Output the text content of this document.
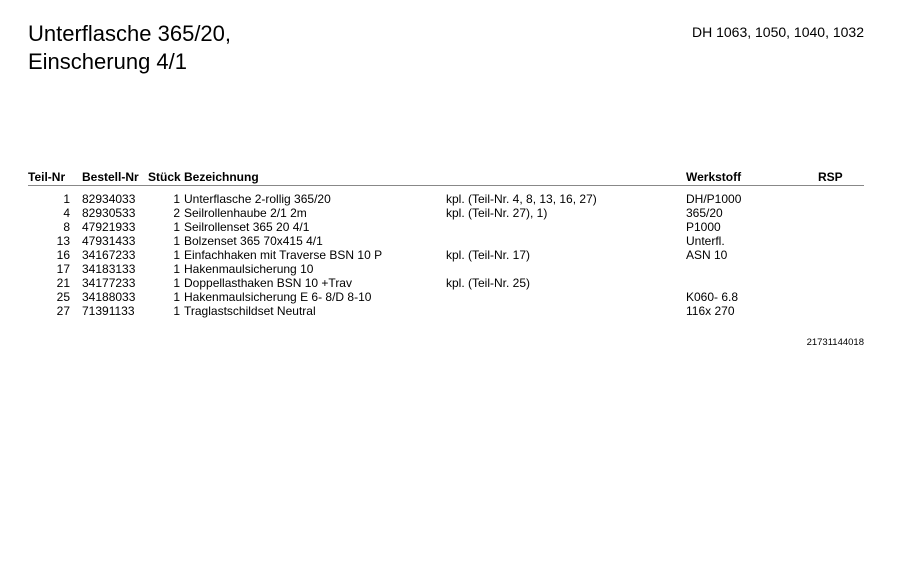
Unterflasche 365/20,
Einscherung 4/1
DH 1063, 1050, 1040, 1032
Teil-Nr	Bestell-Nr	Stück	Bezeichnung		Werkstoff	RSP

1	82934033	1	Unterflasche 2-rollig 365/20	kpl. (Teil-Nr. 4, 8, 13, 16, 27)	DH/P1000	
4	82930533	2	Seilrollenhaube 2/1 2m	kpl. (Teil-Nr. 27), 1)	365/20	
8	47921933	1	Seilrollenset 365 20 4/1		P1000	
13	47931433	1	Bolzenset 365 70x415 4/1		Unterfl.	
16	34167233	1	Einfachhaken mit Traverse BSN 10 P	kpl. (Teil-Nr. 17)	ASN 10	
17	34183133	1	Hakenmaulsicherung 10			
21	34177233	1	Doppellasthaken BSN 10 +Trav	kpl. (Teil-Nr. 25)		
25	34188033	1	Hakenmaulsicherung E 6- 8/D 8-10		K060- 6.8	
27	71391133	1	Traglastschildset Neutral		116x 270	
21731144018
